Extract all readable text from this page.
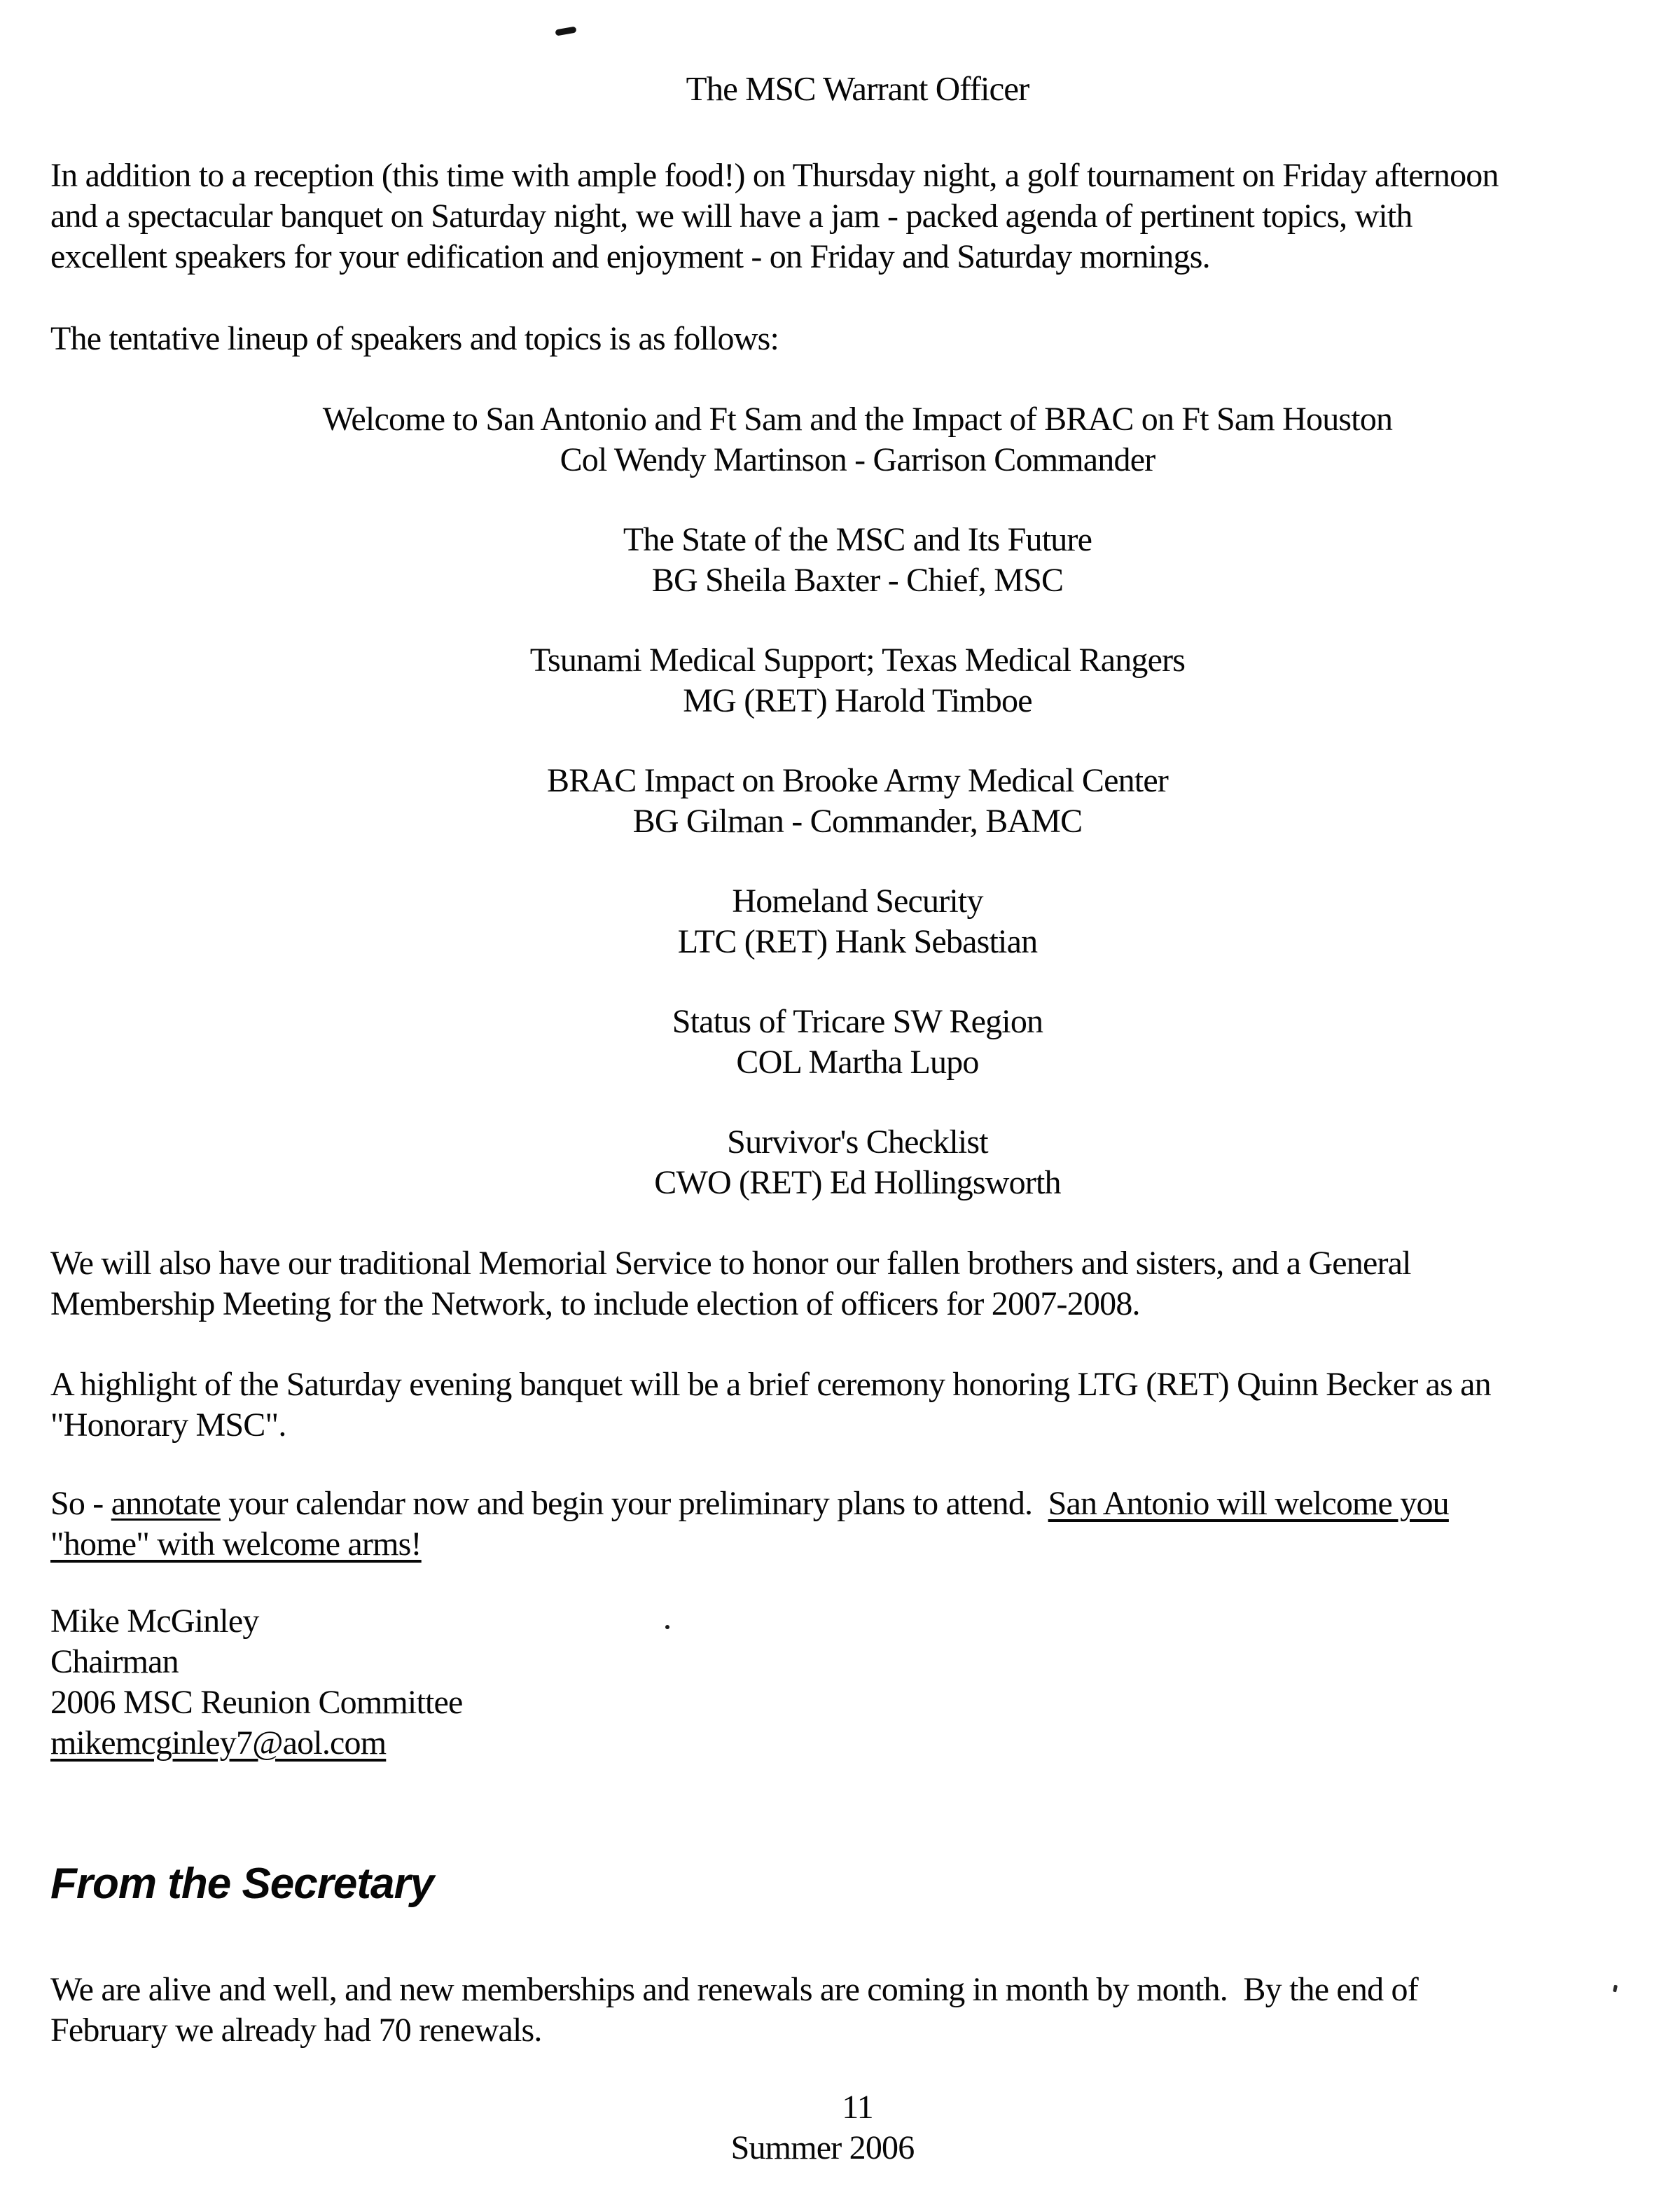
The MSC Warrant Officer
In addition to a reception (this time with ample food!) on Thursday night, a golf tournament on Friday afternoon
and a spectacular banquet on Saturday night, we will have a jam - packed agenda of pertinent topics, with
excellent speakers for your edification and enjoyment - on Friday and Saturday mornings.
The tentative lineup of speakers and topics is as follows:
Welcome to San Antonio and Ft Sam and the Impact of BRAC on Ft Sam Houston
Col Wendy Martinson - Garrison Commander
The State of the MSC and Its Future
BG Sheila Baxter - Chief, MSC
Tsunami Medical Support; Texas Medical Rangers
MG (RET) Harold Timboe
BRAC Impact on Brooke Army Medical Center
BG Gilman - Commander, BAMC
Homeland Security
LTC (RET) Hank Sebastian
Status of Tricare SW Region
COL Martha Lupo
Survivor's Checklist
CWO (RET) Ed Hollingsworth
We will also have our traditional Memorial Service to honor our fallen brothers and sisters, and a General
Membership Meeting for the Network, to include election of officers for 2007-2008.
A highlight of the Saturday evening banquet will be a brief ceremony honoring LTG (RET) Quinn Becker as an
"Honorary MSC".
So - annotate your calendar now and begin your preliminary plans to attend.  San Antonio will welcome you
"home" with welcome arms!
Mike McGinley
Chairman
2006 MSC Reunion Committee
mikemcginley7@aol.com
From the Secretary
We are alive and well, and new memberships and renewals are coming in month by month.  By the end of
February we already had 70 renewals.
11
Summer 2006
